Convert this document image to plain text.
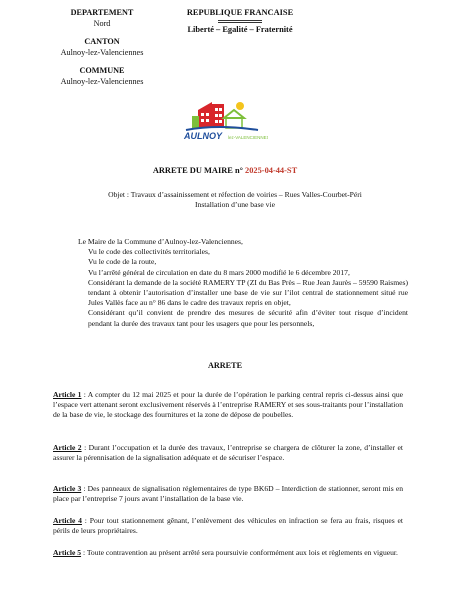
DEPARTEMENT
Nord
CANTON
Aulnoy-lez-Valenciennes
COMMUNE
Aulnoy-lez-Valenciennes
REPUBLIQUE FRANCAISE
Liberté – Egalité – Fraternité
AULNOY lez-VALENCIENNES
ARRETE DU MAIRE n° 2025-04-44-ST
Objet : Travaux d’assainissement et réfection de voiries – Rues Valles-Courbet-Péri
Installation d’une base vie

Le Maire de la Commune d’Aulnoy-lez-Valenciennes,

Vu le code des collectivités territoriales,

Vu le code de la route,

Vu l’arrêté général de circulation en date du 8 mars 2000 modifié le 6 décembre 2017,

Considérant la demande de la société RAMERY TP (ZI du Bas Près – Rue Jean Jaurès – 59590 Raismes) tendant à obtenir l’autorisation d’installer une base de vie sur l’ilot central de stationnement situé rue Jules Vallès face au n° 86 dans le cadre des travaux repris en objet,

Considérant qu’il convient de prendre des mesures de sécurité afin d’éviter tout risque d’incident pendant la durée des travaux tant pour les usagers que pour les personnels,

ARRETE

Article 1 : A compter du 12 mai 2025 et pour la durée de l’opération le parking central repris ci-dessus ainsi que l’espace vert attenant seront exclusivement réservés à l’entreprise RAMERY et ses sous-traitants pour l’installation de la base de vie, le stockage des fournitures et la zone de dépose de poubelles.

Article 2 : Durant l’occupation et la durée des travaux, l’entreprise se chargera de clôturer la zone, d’installer et assurer la pérennisation de la signalisation adéquate et de sécuriser l’espace.

Article 3 : Des panneaux de signalisation réglementaires de type BK6D – Interdiction de stationner, seront mis en place par l’entreprise 7 jours avant l’installation de la base vie.

Article 4 : Pour tout stationnement gênant, l’enlèvement des véhicules en infraction se fera au frais, risques et périls de leurs propriétaires.

Article 5 : Toute contravention au présent arrêté sera poursuivie conformément aux lois et règlements en vigueur.
